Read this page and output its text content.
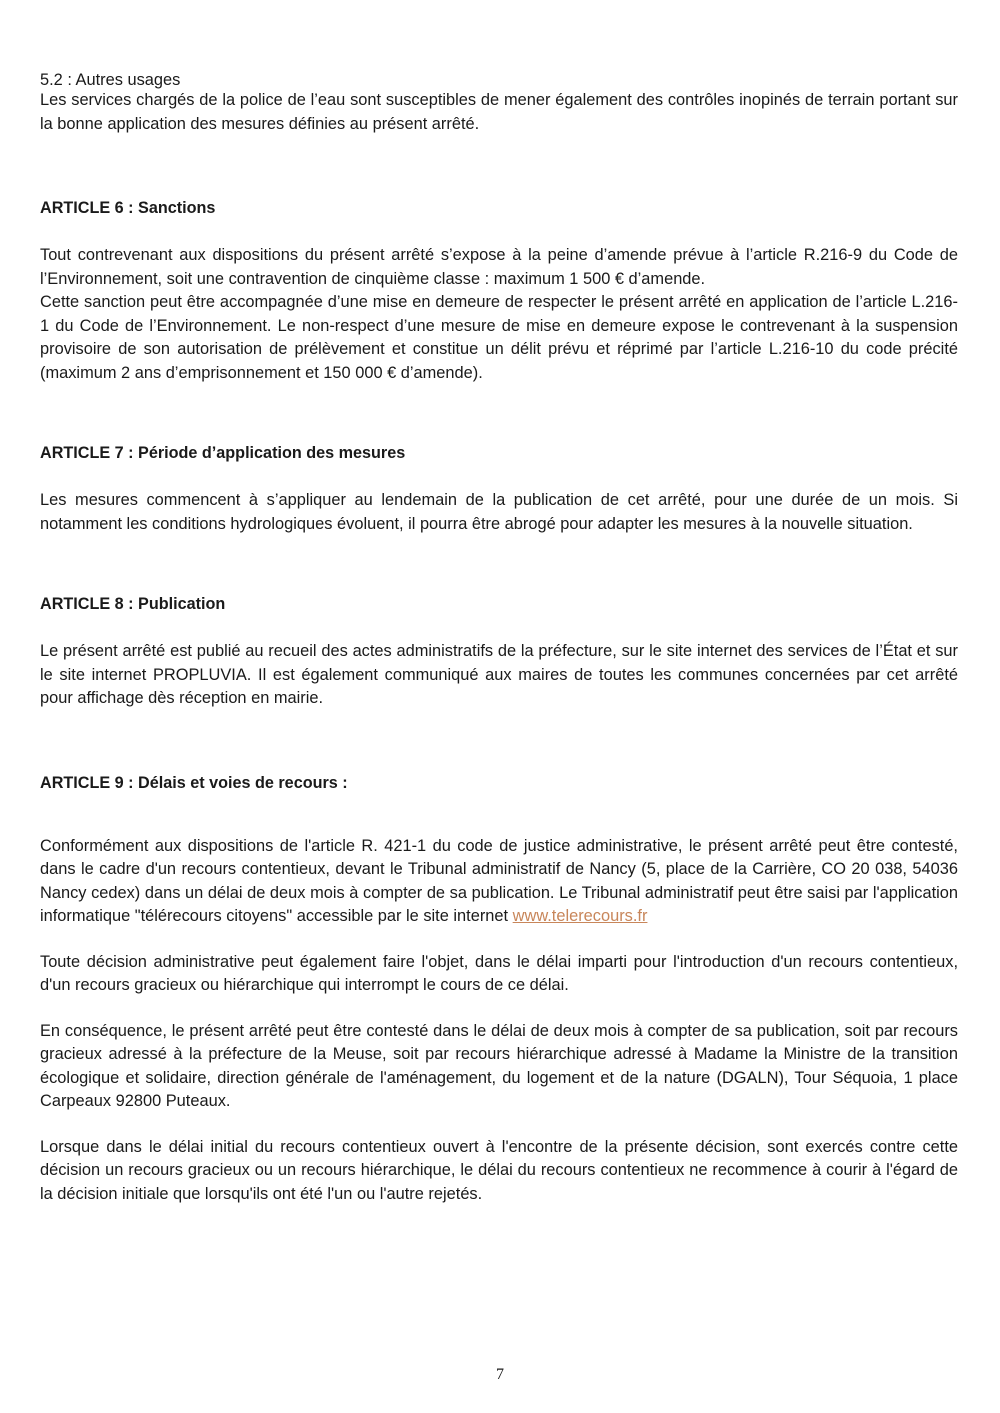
5.2 : Autres usages

Les services chargés de la police de l’eau sont susceptibles de mener également des contrôles inopinés de terrain portant sur la bonne application des mesures définies au présent arrêté.

ARTICLE 6 : Sanctions

Tout contrevenant aux dispositions du présent arrêté s’expose à la peine d’amende prévue à l’article R.216-9 du Code de l’Environnement, soit une contravention de cinquième classe : maximum 1 500 € d’amende.

Cette sanction peut être accompagnée d’une mise en demeure de respecter le présent arrêté en application de l’article L.216-1 du Code de l’Environnement. Le non-respect d’une mesure de mise en demeure expose le contrevenant à la suspension provisoire de son autorisation de prélèvement et constitue un délit prévu et réprimé par l’article L.216-10 du code précité (maximum 2 ans d’emprisonnement et 150 000 € d’amende).

ARTICLE 7 : Période d’application des mesures

Les mesures commencent à s’appliquer au lendemain de la publication de cet arrêté, pour une durée de un mois. Si notamment les conditions hydrologiques évoluent, il pourra être abrogé pour adapter les mesures à la nouvelle situation.

ARTICLE 8 : Publication

Le présent arrêté est publié au recueil des actes administratifs de la préfecture, sur le site internet des services de l’État et sur le site internet PROPLUVIA. Il est également communiqué aux maires de toutes les communes concernées par cet arrêté pour affichage dès réception en mairie.

ARTICLE 9 : Délais et voies de recours :

Conformément aux dispositions de l'article R. 421-1 du code de justice administrative, le présent arrêté peut être contesté, dans le cadre d'un recours contentieux, devant le Tribunal administratif de Nancy (5, place de la Carrière, CO 20 038, 54036 Nancy cedex) dans un délai de deux mois à compter de sa publication. Le Tribunal administratif peut être saisi par l'application informatique "télérecours citoyens" accessible par le site internet www.telerecours.fr

Toute décision administrative peut également faire l'objet, dans le délai imparti pour l'introduction d'un recours contentieux, d'un recours gracieux ou hiérarchique qui interrompt le cours de ce délai.

En conséquence, le présent arrêté peut être contesté dans le délai de deux mois à compter de sa publication, soit par recours gracieux adressé à la préfecture de la Meuse, soit par recours hiérarchique adressé à Madame la Ministre de la transition écologique et solidaire, direction générale de l'aménagement, du logement et de la nature (DGALN), Tour Séquoia, 1 place Carpeaux 92800 Puteaux.

Lorsque dans le délai initial du recours contentieux ouvert à l'encontre de la présente décision, sont exercés contre cette décision un recours gracieux ou un recours hiérarchique, le délai du recours contentieux ne recommence à courir à l'égard de la décision initiale que lorsqu'ils ont été l'un ou l'autre rejetés.

7
